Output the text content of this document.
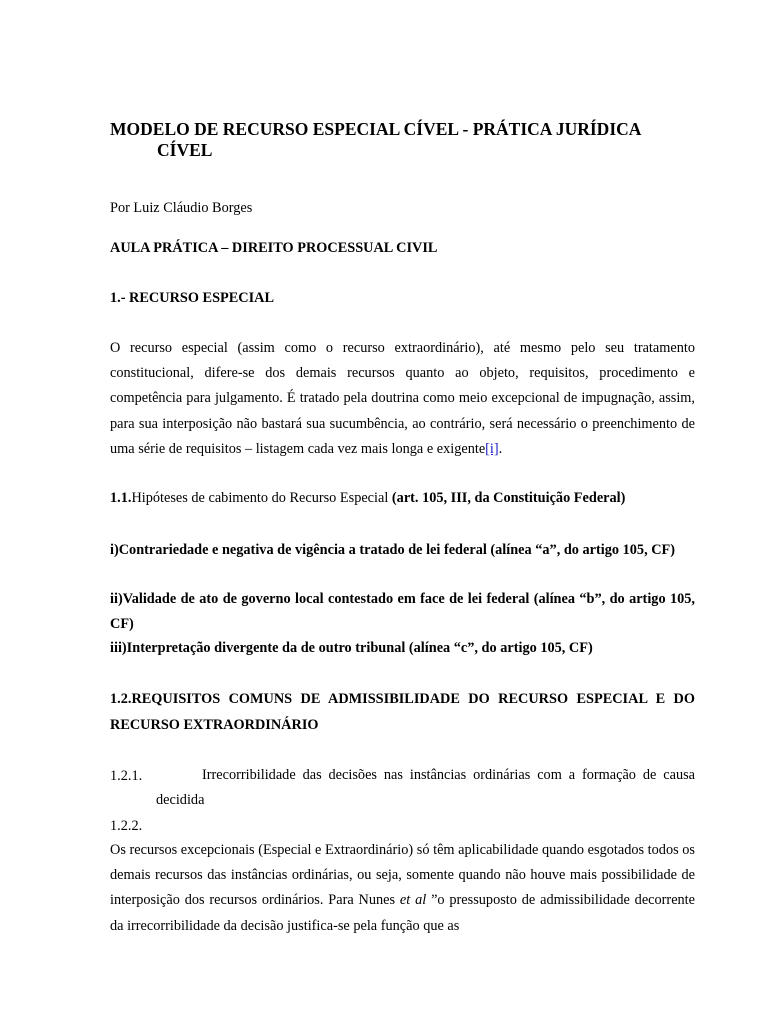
MODELO DE RECURSO ESPECIAL CÍVEL - PRÁTICA JURÍDICA
CÍVEL
Por Luiz Cláudio Borges
AULA PRÁTICA – DIREITO PROCESSUAL CIVIL
1.- RECURSO ESPECIAL
O recurso especial (assim como o recurso extraordinário), até mesmo pelo seu tratamento constitucional, difere-se dos demais recursos quanto ao objeto, requisitos, procedimento e competência para julgamento. É tratado pela doutrina como meio excepcional de impugnação, assim, para sua interposição não bastará sua sucumbência, ao contrário, será necessário o preenchimento de uma série de requisitos – listagem cada vez mais longa e exigente[i].
1.1.Hipóteses de cabimento do Recurso Especial (art. 105, III, da Constituição Federal)
i)Contrariedade e negativa de vigência a tratado de lei federal (alínea “a”, do artigo 105, CF)
ii)Validade de ato de governo local contestado em face de lei federal (alínea “b”, do artigo 105, CF)
iii)Interpretação divergente da de outro tribunal (alínea “c”, do artigo 105, CF)
1.2.REQUISITOS COMUNS DE ADMISSIBILIDADE DO RECURSO ESPECIAL E DO RECURSO EXTRAORDINÁRIO
1.2.1.	Irrecorribilidade das decisões nas instâncias ordinárias com a formação de causa decidida
1.2.2.
Os recursos excepcionais (Especial e Extraordinário) só têm aplicabilidade quando esgotados todos os demais recursos das instâncias ordinárias, ou seja, somente quando não houve mais possibilidade de interposição dos recursos ordinários. Para Nunes et al ”o pressuposto de admissibilidade decorrente da irrecorribilidade da decisão justifica-se pela função que as
